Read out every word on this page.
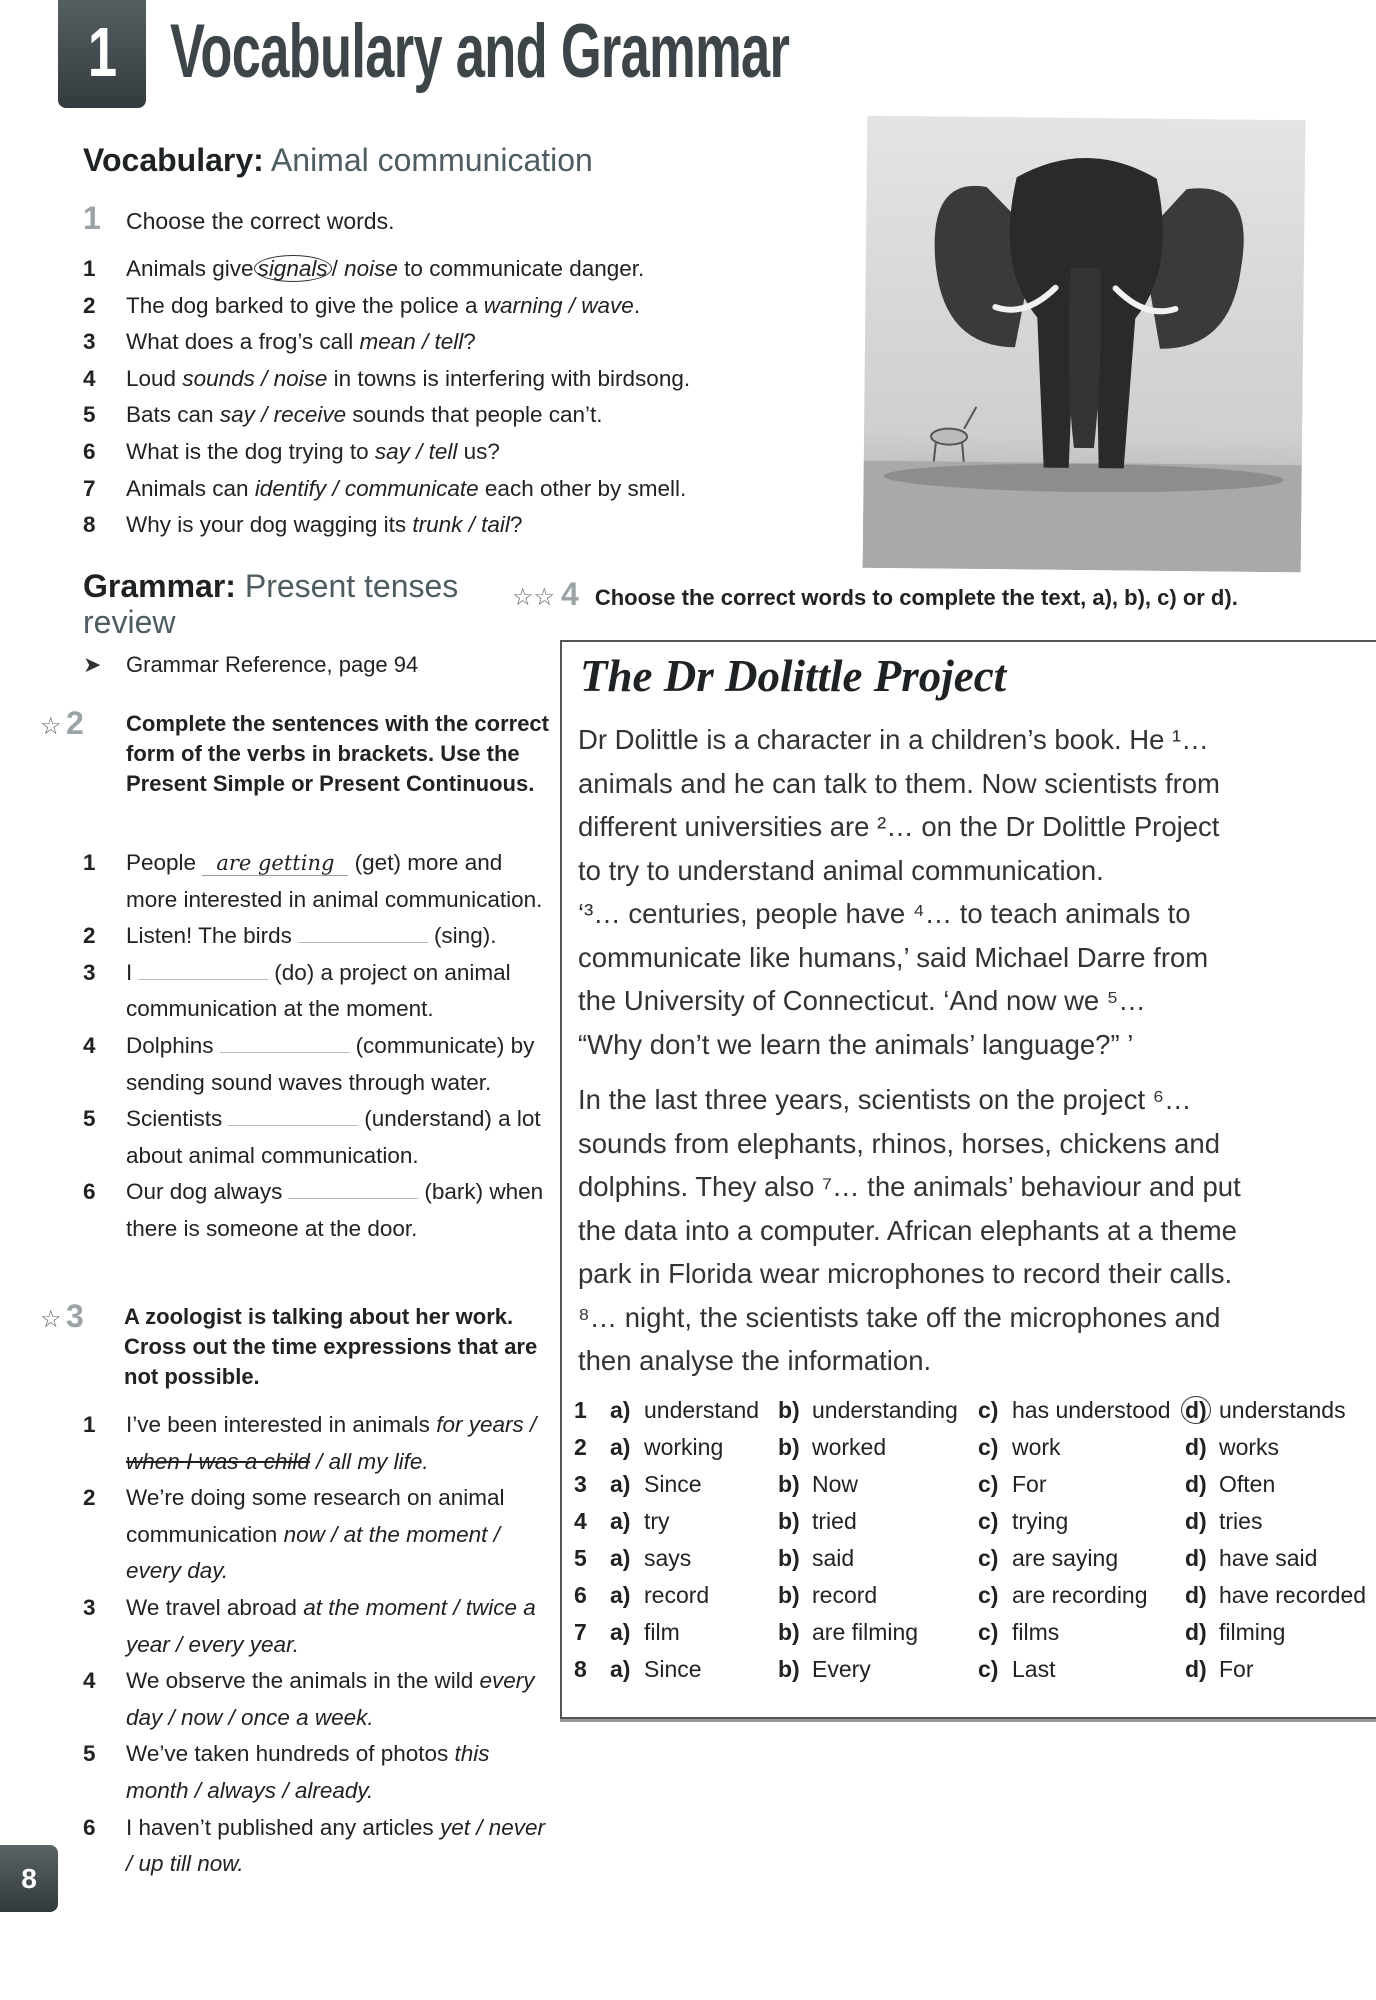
1 Vocabulary and Grammar
Vocabulary: Animal communication
1	Choose the correct words.
1	Animals give signals / noise to communicate danger.
2	The dog barked to give the police a warning / wave.
3	What does a frog’s call mean / tell?
4	Loud sounds / noise in towns is interfering with birdsong.
5	Bats can say / receive sounds that people can’t.
6	What is the dog trying to say / tell us?
7	Animals can identify / communicate each other by smell.
8	Why is your dog wagging its trunk / tail?
Grammar: Present tenses
review
➤	Grammar Reference, page 94
☆ 2 Complete the sentences with the correct form of the verbs in brackets. Use the Present Simple or Present Continuous.
1	People are getting (get) more and more interested in animal communication.
2	Listen! The birds	(sing).
3	I	(do) a project on animal communication at the moment.
4	Dolphins	(communicate) by sending sound waves through water.
5	Scientists	(understand) a lot about animal communication.
6	Our dog always	(bark) when there is someone at the door.
☆ 3 A zoologist is talking about her work. Cross out the time expressions that are not possible.
1	I’ve been interested in animals for years / when I was a child / all my life.
2	We’re doing some research on animal communication now / at the moment / every day.
3	We travel abroad at the moment / twice a year / every year.
4	We observe the animals in the wild every day / now / once a week.
5	We’ve taken hundreds of photos this month / always / already.
6	I haven’t published any articles yet / never / up till now.
☆☆ 4 Choose the correct words to complete the text, a), b), c) or d).
The Dr Dolittle Project
Dr Dolittle is a character in a children’s book. He ¹…
animals and he can talk to them. Now scientists from
different universities are ²… on the Dr Dolittle Project
to try to understand animal communication.
‘³… centuries, people have ⁴… to teach animals to
communicate like humans,’ said Michael Darre from
the University of Connecticut. ‘And now we ⁵…
“Why don’t we learn the animals’ language?” ’
In the last three years, scientists on the project ⁶…
sounds from elephants, rhinos, horses, chickens and
dolphins. They also ⁷… the animals’ behaviour and put
the data into a computer. African elephants at a theme
park in Florida wear microphones to record their calls.
⁸… night, the scientists take off the microphones and
then analyse the information.
1	a) understand b) understanding c) has understood d) understands
2	a) working b) worked	c) work	d) works
3	a) Since	b) Now	c) For	d) Often
4	a) try	b) tried	c) trying	d) tries
5	a) says	b) said	c) are saying	d) have said
6	a) record	b) record	c) are recording d) have recorded
7	a) film	b) are filming	c) films	d) filming
8	a) Since	b) Every	c) Last	d) For
8
